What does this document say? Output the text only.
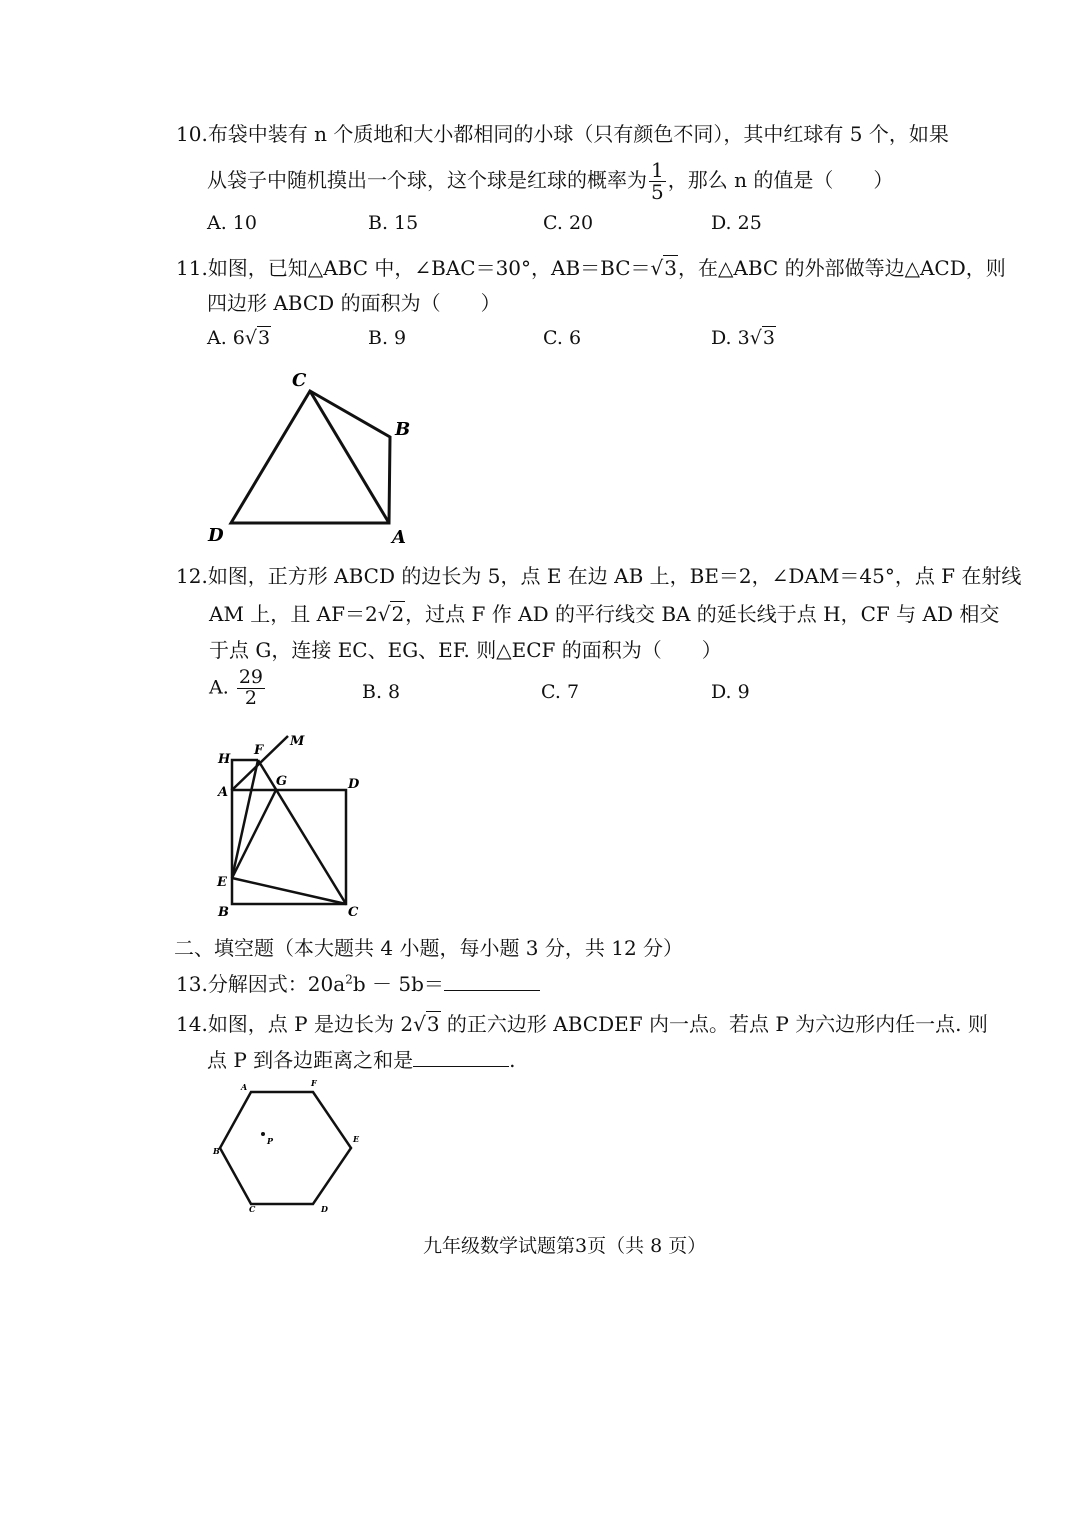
10.布袋中装有 n 个质地和大小都相同的小球（只有颜色不同），其中红球有 5 个，如果
从袋子中随机摸出一个球，这个球是红球的概率为 $\frac{1}{5}$ ，那么 n 的值是（　　）
A. 10	B. 15	C. 20	D. 25
11.如图，已知△ABC 中，∠BAC＝30°，AB＝BC＝√3，在△ABC 的外部做等边△ACD，则
四边形 ABCD 的面积为（　　）
A. 6√3	B. 9	C. 6	D. 3√3
C
B
D	A
12.如图，正方形 ABCD 的边长为 5，点 E 在边 AB 上，BE＝2，∠DAM＝45°，点 F 在射线
AM 上，且 AF＝2√2，过点 F 作 AD 的平行线交 BA 的延长线于点 H，CF 与 AD 相交
于点 G，连接 EC、EG、EF. 则△ECF 的面积为（　　）
A. $\frac{29}{2}$	B. 8	C. 7	D. 9
H
F
M
G	D
A
E
B	C
二、填空题（本大题共 4 小题，每小题 3 分，共 12 分）
13.分解因式：$20a^2b - 5b=$
14.如图，点 P 是边长为 2√3 的正六边形 ABCDEF 内一点。若点 P 为六边形内任一点. 则
点 P 到各边距离之和是	.
A	F
B
E
C	D
P
九年级数学试题第3页（共 8 页）
